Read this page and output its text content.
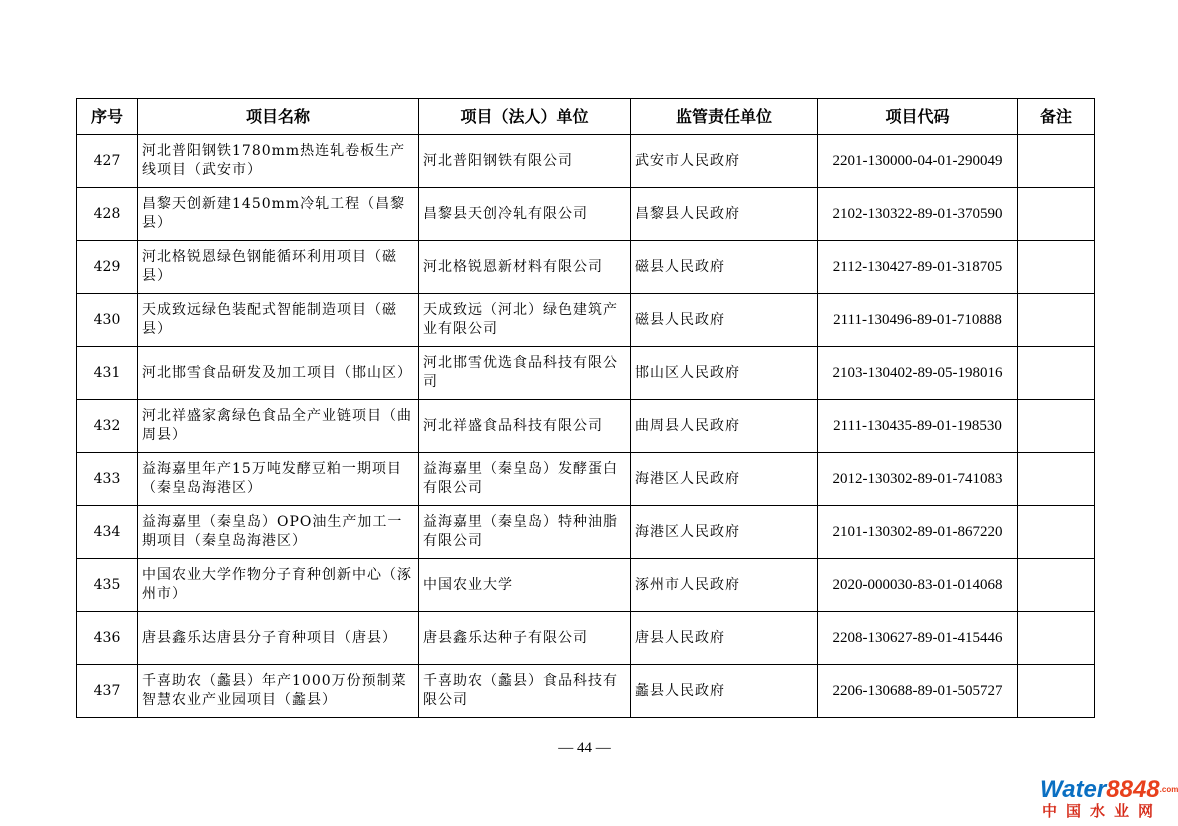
序号	项目名称	项目（法人）单位	监管责任单位	项目代码	备注
427	河北普阳钢铁1780mm热连轧卷板生产线项目（武安市）	河北普阳钢铁有限公司	武安市人民政府	2201-130000-04-01-290049	
428	昌黎天创新建1450mm冷轧工程（昌黎县）	昌黎县天创冷轧有限公司	昌黎县人民政府	2102-130322-89-01-370590	
429	河北格锐恩绿色钢能循环利用项目（磁县）	河北格锐恩新材料有限公司	磁县人民政府	2112-130427-89-01-318705	
430	天成致远绿色装配式智能制造项目（磁县）	天成致远（河北）绿色建筑产业有限公司	磁县人民政府	2111-130496-89-01-710888	
431	河北邯雪食品研发及加工项目（邯山区）	河北邯雪优选食品科技有限公司	邯山区人民政府	2103-130402-89-05-198016	
432	河北祥盛家禽绿色食品全产业链项目（曲周县）	河北祥盛食品科技有限公司	曲周县人民政府	2111-130435-89-01-198530	
433	益海嘉里年产15万吨发酵豆粕一期项目（秦皇岛海港区）	益海嘉里（秦皇岛）发酵蛋白有限公司	海港区人民政府	2012-130302-89-01-741083	
434	益海嘉里（秦皇岛）OPO油生产加工一期项目（秦皇岛海港区）	益海嘉里（秦皇岛）特种油脂有限公司	海港区人民政府	2101-130302-89-01-867220	
435	中国农业大学作物分子育种创新中心（涿州市）	中国农业大学	涿州市人民政府	2020-000030-83-01-014068	
436	唐县鑫乐达唐县分子育种项目（唐县）	唐县鑫乐达种子有限公司	唐县人民政府	2208-130627-89-01-415446	
437	千喜助农（蠡县）年产1000万份预制菜智慧农业产业园项目（蠡县）	千喜助农（蠡县）食品科技有限公司	蠡县人民政府	2206-130688-89-01-505727	
— 44 —
$Water8848^{.com}$
中国水业网
